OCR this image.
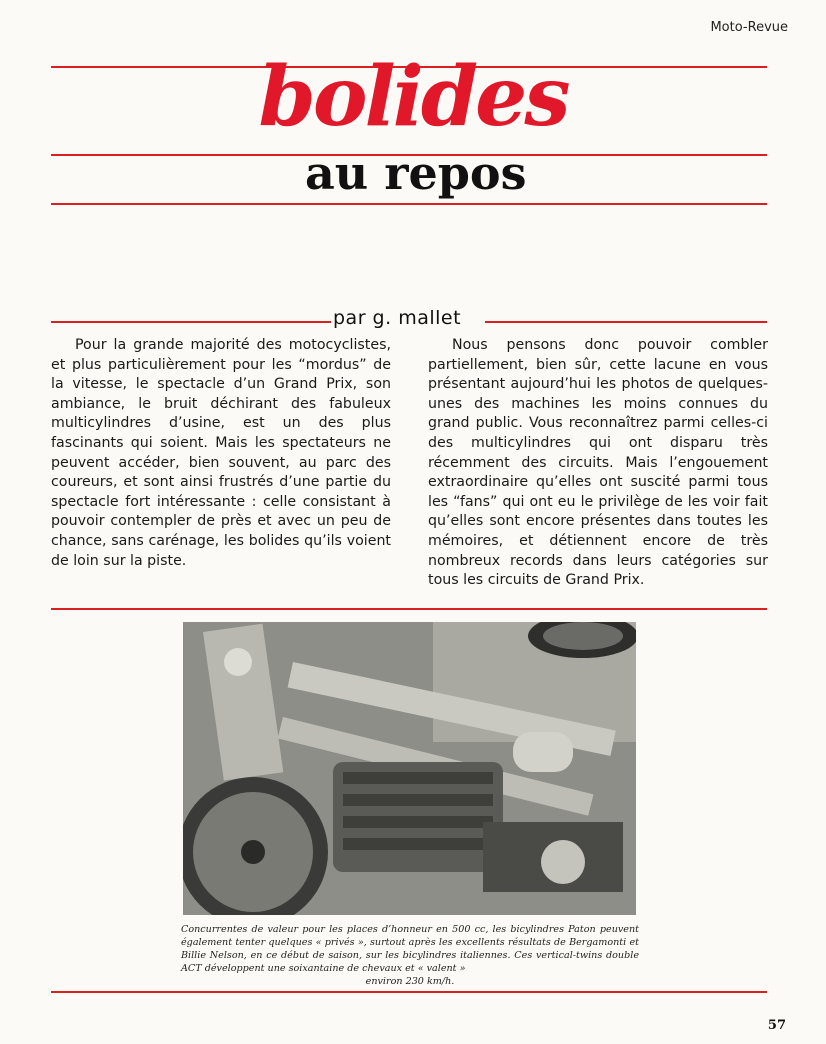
Moto-Revue
bolides
au repos
par g. mallet
Pour la grande majorité des motocyclistes, et plus particulièrement pour les “mordus” de la vitesse, le spectacle d’un Grand Prix, son ambiance, le bruit déchirant des fabuleux multicylindres d’usine, est un des plus fascinants qui soient. Mais les spectateurs ne peuvent accéder, bien souvent, au parc des coureurs, et sont ainsi frustrés d’une partie du spectacle fort intéressante : celle consistant à pouvoir contempler de près et avec un peu de chance, sans carénage, les bolides qu’ils voient de loin sur la piste.
Nous pensons donc pouvoir combler partiellement, bien sûr, cette lacune en vous présentant aujourd’hui les photos de quelques-unes des machines les moins connues du grand public. Vous reconnaîtrez parmi celles-ci des multicylindres qui ont disparu très récemment des circuits. Mais l’engouement extraordinaire qu’elles ont suscité parmi tous les “fans” qui ont eu le privilège de les voir fait qu’elles sont encore présentes dans toutes les mémoires, et détiennent encore de très nombreux records dans leurs catégories sur tous les circuits de Grand Prix.
Concurrentes de valeur pour les places d’honneur en 500 cc, les bicylindres Paton peuvent également tenter quelques « privés », surtout après les excellents résultats de Bergamonti et Billie Nelson, en ce début de saison, sur les bicylindres italiennes. Ces vertical-twins double ACT développent une soixantaine de chevaux et « valent »
environ 230 km/h.
57
